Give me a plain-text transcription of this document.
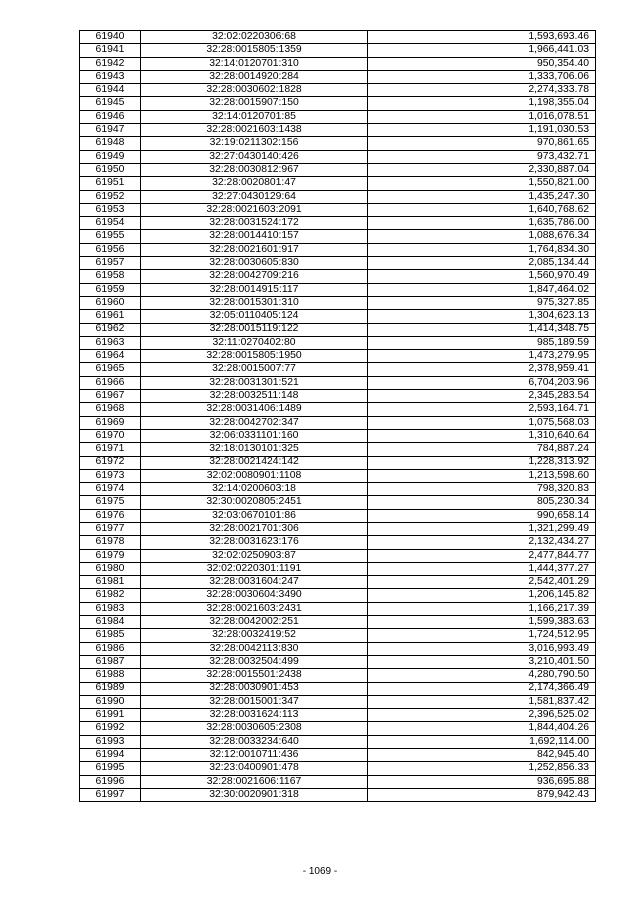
61940	32:02:0220306:68	1,593,693.46
61941	32:28:0015805:1359	1,966,441.03
61942	32:14:0120701:310	950,354.40
61943	32:28:0014920:284	1,333,706.06
61944	32:28:0030602:1828	2,274,333.78
61945	32:28:0015907:150	1,198,355.04
61946	32:14:0120701:85	1,016,078.51
61947	32:28:0021603:1438	1,191,030.53
61948	32:19:0211302:156	970,861.65
61949	32:27:0430140:426	973,432.71
61950	32:28:0030812:967	2,330,887.04
61951	32:28:0020801:47	1,550,821.00
61952	32:27:0430129:64	1,435,247.30
61953	32:28:0021603:2091	1,640,768.62
61954	32:28:0031524:172	1,635,786.00
61955	32:28:0014410:157	1,088,676.34
61956	32:28:0021601:917	1,764,834.30
61957	32:28:0030605:830	2,085,134.44
61958	32:28:0042709:216	1,560,970.49
61959	32:28:0014915:117	1,847,464.02
61960	32:28:0015301:310	975,327.85
61961	32:05:0110405:124	1,304,623.13
61962	32:28:0015119:122	1,414,348.75
61963	32:11:0270402:80	985,189.59
61964	32:28:0015805:1950	1,473,279.95
61965	32:28:0015007:77	2,378,959.41
61966	32:28:0031301:521	6,704,203.96
61967	32:28:0032511:148	2,345,283.54
61968	32:28:0031406:1489	2,593,164.71
61969	32:28:0042702:347	1,075,568.03
61970	32:06:0331101:160	1,310,640.64
61971	32:18:0130101:325	784,887.24
61972	32:28:0021424:142	1,228,313.92
61973	32:02:0080901:1108	1,213,598.60
61974	32:14:0200603:18	798,320.83
61975	32:30:0020805:2451	805,230.34
61976	32:03:0670101:86	990,658.14
61977	32:28:0021701:306	1,321,299.49
61978	32:28:0031623:176	2,132,434.27
61979	32:02:0250903:87	2,477,844.77
61980	32:02:0220301:1191	1,444,377.27
61981	32:28:0031604:247	2,542,401.29
61982	32:28:0030604:3490	1,206,145.82
61983	32:28:0021603:2431	1,166,217.39
61984	32:28:0042002:251	1,599,383.63
61985	32:28:0032419:52	1,724,512.95
61986	32:28:0042113:830	3,016,993.49
61987	32:28:0032504:499	3,210,401.50
61988	32:28:0015501:2438	4,280,790.50
61989	32:28:0030901:453	2,174,366.49
61990	32:28:0015001:347	1,581,837.42
61991	32:28:0031624:113	2,396,525.02
61992	32:28:0030605:2308	1,844,404.26
61993	32:28:0033234:640	1,692,114.00
61994	32:12:0010711:436	842,945.40
61995	32:23:0400901:478	1,252,856.33
61996	32:28:0021606:1167	936,695.88
61997	32:30:0020901:318	879,942.43
- 1069 -
